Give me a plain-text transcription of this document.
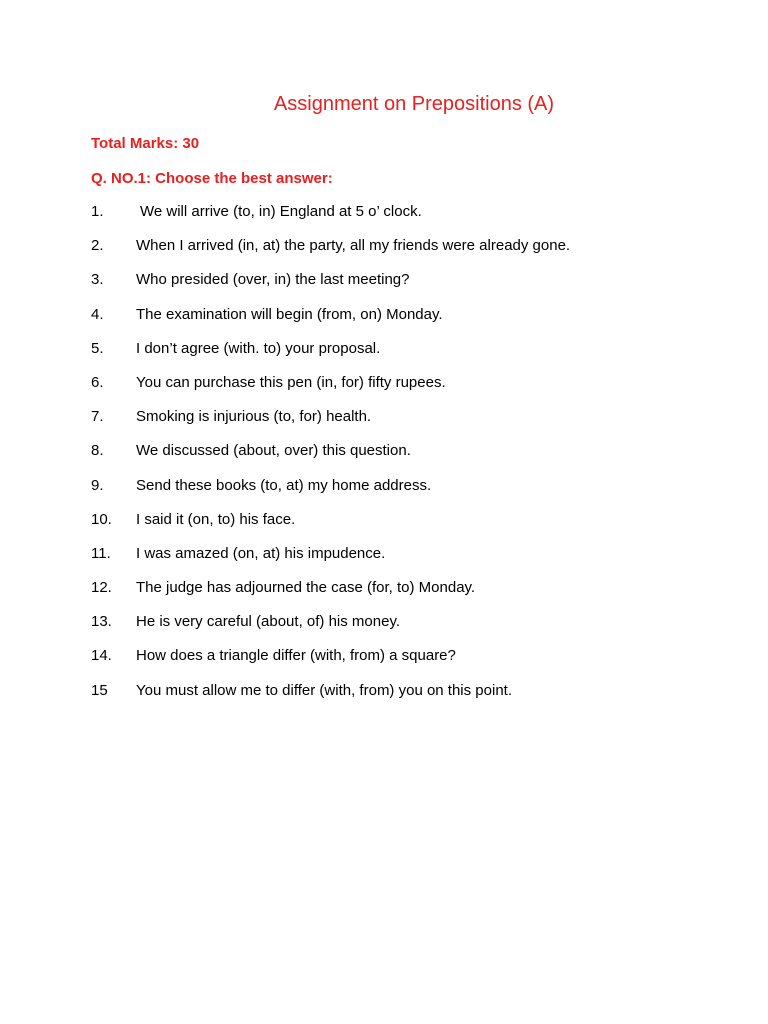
Assignment on Prepositions (A)
Total Marks: 30
Q. NO.1: Choose the best answer:
1. We will arrive (to, in) England at 5 o’ clock.
2. When I arrived (in, at) the party, all my friends were already gone.
3. Who presided (over, in) the last meeting?
4. The examination will begin (from, on) Monday.
5. I don’t agree (with. to) your proposal.
6. You can purchase this pen (in, for) fifty rupees.
7. Smoking is injurious (to, for) health.
8. We discussed (about, over) this question.
9. Send these books (to, at) my home address.
10. I said it (on, to) his face.
11. I was amazed (on, at) his impudence.
12. The judge has adjourned the case (for, to) Monday.
13. He is very careful (about, of) his money.
14. How does a triangle differ (with, from) a square?
15 You must allow me to differ (with, from) you on this point.
